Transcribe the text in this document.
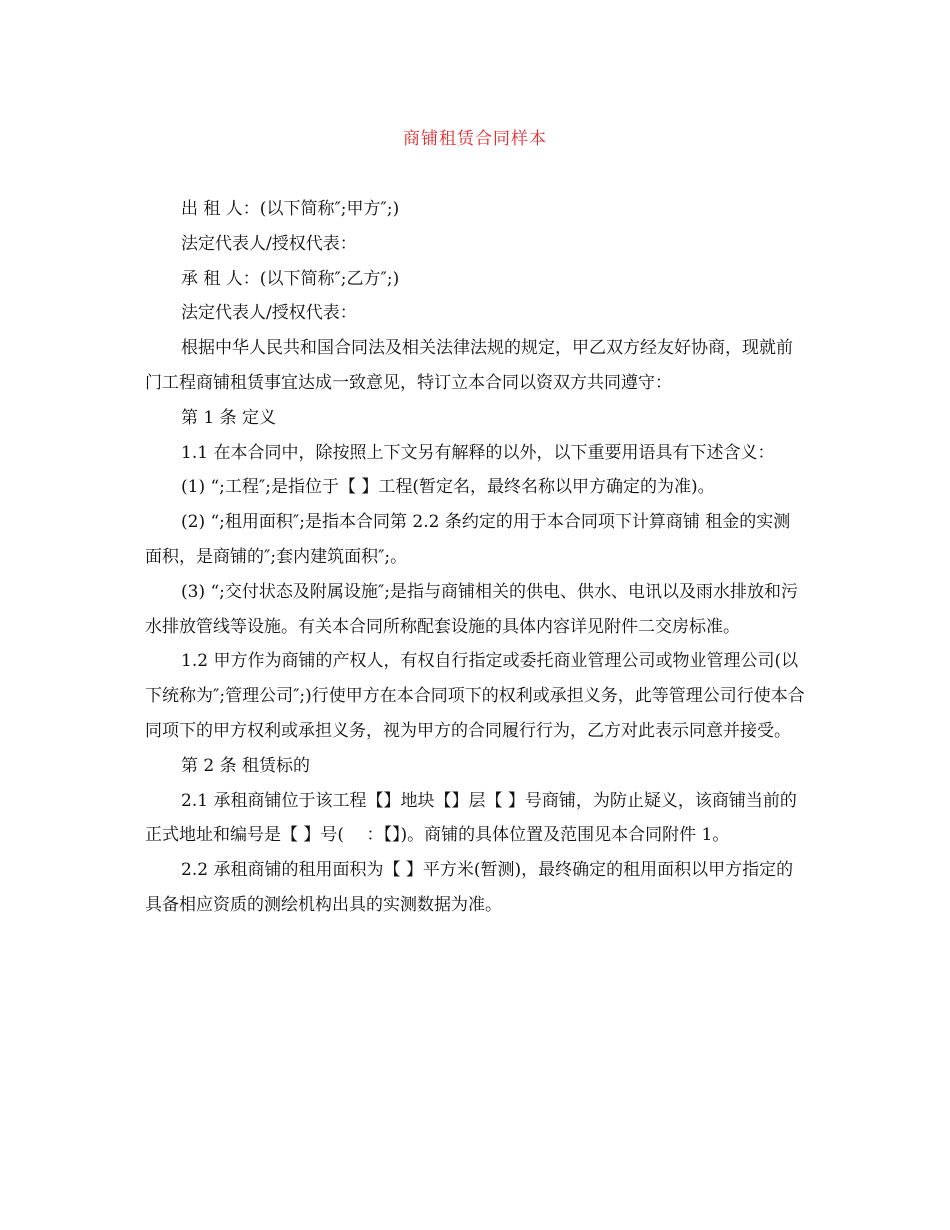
商铺租赁合同样本

出 租 人：(以下简称″;甲方″;)

法定代表人/授权代表：

承 租 人：(以下简称″;乙方″;)

法定代表人/授权代表：

根据中华人民共和国合同法及相关法律法规的规定，甲乙双方经友好协商，现就前门工程商铺租赁事宜达成一致意见，特订立本合同以资双方共同遵守：

第 1 条 定义

1.1 在本合同中，除按照上下文另有解释的以外，以下重要用语具有下述含义：

(1) “;工程″;是指位于【 】工程(暂定名，最终名称以甲方确定的为准)。

(2) “;租用面积″;是指本合同第 2.2 条约定的用于本合同项下计算商铺 租金的实测面积，是商铺的″;套内建筑面积″;。

(3) “;交付状态及附属设施″;是指与商铺相关的供电、供水、电讯以及雨水排放和污水排放管线等设施。有关本合同所称配套设施的具体内容详见附件二交房标准。

1.2 甲方作为商铺的产权人，有权自行指定或委托商业管理公司或物业管理公司(以下统称为″;管理公司″;)行使甲方在本合同项下的权利或承担义务，此等管理公司行使本合同项下的甲方权利或承担义务，视为甲方的合同履行行为，乙方对此表示同意并接受。

第 2 条 租赁标的

2.1 承租商铺位于该工程【】地块【】层【 】号商铺，为防止疑义，该商铺当前的正式地址和编号是【 】号(　 ：【】)。商铺的具体位置及范围见本合同附件 1。

2.2 承租商铺的租用面积为【 】平方米(暂测)，最终确定的租用面积以甲方指定的具备相应资质的测绘机构出具的实测数据为准。
